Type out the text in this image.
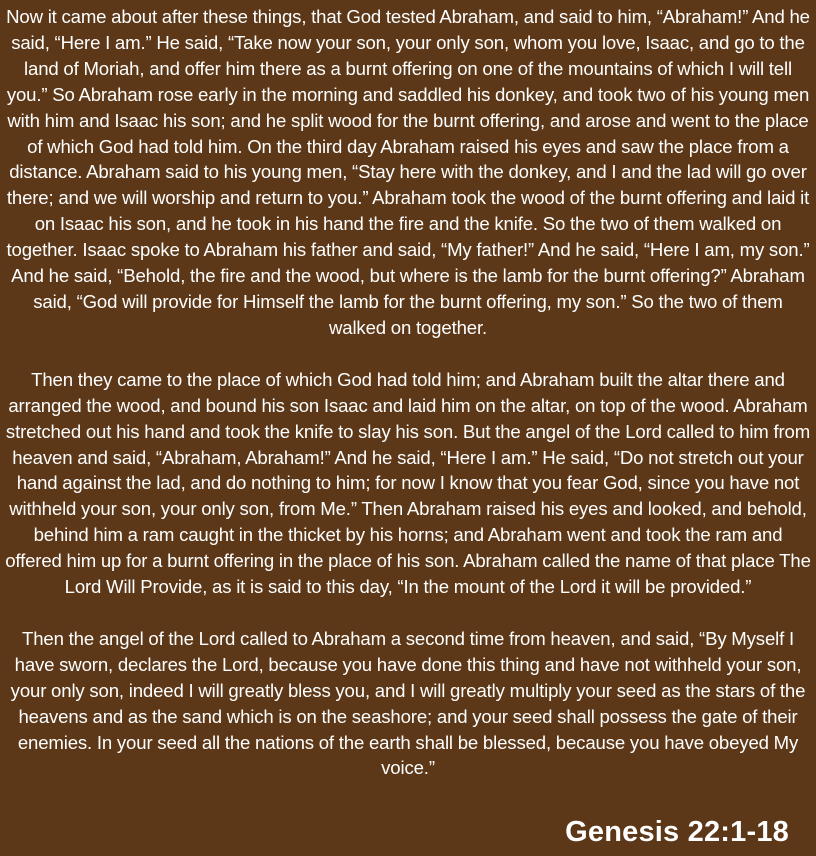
Now it came about after these things, that God tested Abraham, and said to him, “Abraham!” And he said, “Here I am.” He said, “Take now your son, your only son, whom you love, Isaac, and go to the land of Moriah, and offer him there as a burnt offering on one of the mountains of which I will tell you.” So Abraham rose early in the morning and saddled his donkey, and took two of his young men with him and Isaac his son; and he split wood for the burnt offering, and arose and went to the place of which God had told him. On the third day Abraham raised his eyes and saw the place from a distance. Abraham said to his young men, “Stay here with the donkey, and I and the lad will go over there; and we will worship and return to you.” Abraham took the wood of the burnt offering and laid it on Isaac his son, and he took in his hand the fire and the knife. So the two of them walked on together. Isaac spoke to Abraham his father and said, “My father!” And he said, “Here I am, my son.” And he said, “Behold, the fire and the wood, but where is the lamb for the burnt offering?” Abraham said, “God will provide for Himself the lamb for the burnt offering, my son.” So the two of them walked on together.

Then they came to the place of which God had told him; and Abraham built the altar there and arranged the wood, and bound his son Isaac and laid him on the altar, on top of the wood. Abraham stretched out his hand and took the knife to slay his son. But the angel of the Lord called to him from heaven and said, “Abraham, Abraham!” And he said, “Here I am.” He said, “Do not stretch out your hand against the lad, and do nothing to him; for now I know that you fear God, since you have not withheld your son, your only son, from Me.” Then Abraham raised his eyes and looked, and behold, behind him a ram caught in the thicket by his horns; and Abraham went and took the ram and offered him up for a burnt offering in the place of his son. Abraham called the name of that place The Lord Will Provide, as it is said to this day, “In the mount of the Lord it will be provided.”

Then the angel of the Lord called to Abraham a second time from heaven, and said, “By Myself I have sworn, declares the Lord, because you have done this thing and have not withheld your son, your only son, indeed I will greatly bless you, and I will greatly multiply your seed as the stars of the heavens and as the sand which is on the seashore; and your seed shall possess the gate of their enemies. In your seed all the nations of the earth shall be blessed, because you have obeyed My voice.”

Genesis 22:1-18
